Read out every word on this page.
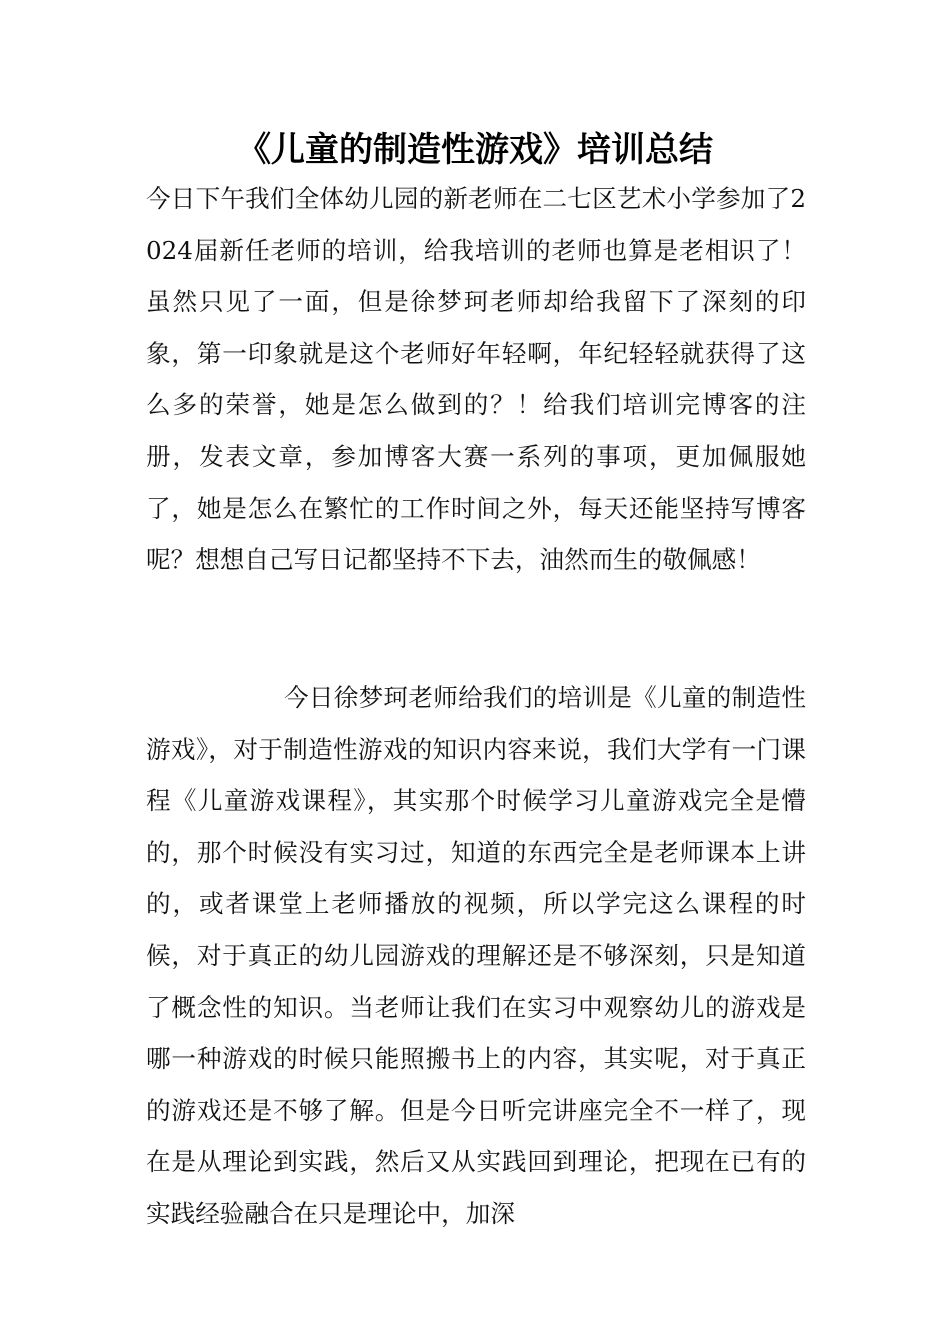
《儿童的制造性游戏》培训总结

今日下午我们全体幼儿园的新老师在二七区艺术小学参加了2024届新任老师的培训，给我培训的老师也算是老相识了！虽然只见了一面，但是徐梦珂老师却给我留下了深刻的印象，第一印象就是这个老师好年轻啊，年纪轻轻就获得了这么多的荣誉，她是怎么做到的？！给我们培训完博客的注册，发表文章，参加博客大赛一系列的事项，更加佩服她了，她是怎么在繁忙的工作时间之外，每天还能坚持写博客呢？想想自己写日记都坚持不下去，油然而生的敬佩感！

今日徐梦珂老师给我们的培训是《儿童的制造性游戏》，对于制造性游戏的知识内容来说，我们大学有一门课程《儿童游戏课程》，其实那个时候学习儿童游戏完全是懵的，那个时候没有实习过，知道的东西完全是老师课本上讲的，或者课堂上老师播放的视频，所以学完这么课程的时候，对于真正的幼儿园游戏的理解还是不够深刻，只是知道了概念性的知识。当老师让我们在实习中观察幼儿的游戏是哪一种游戏的时候只能照搬书上的内容，其实呢，对于真正的游戏还是不够了解。但是今日听完讲座完全不一样了，现在是从理论到实践，然后又从实践回到理论，把现在已有的实践经验融合在只是理论中，加深
